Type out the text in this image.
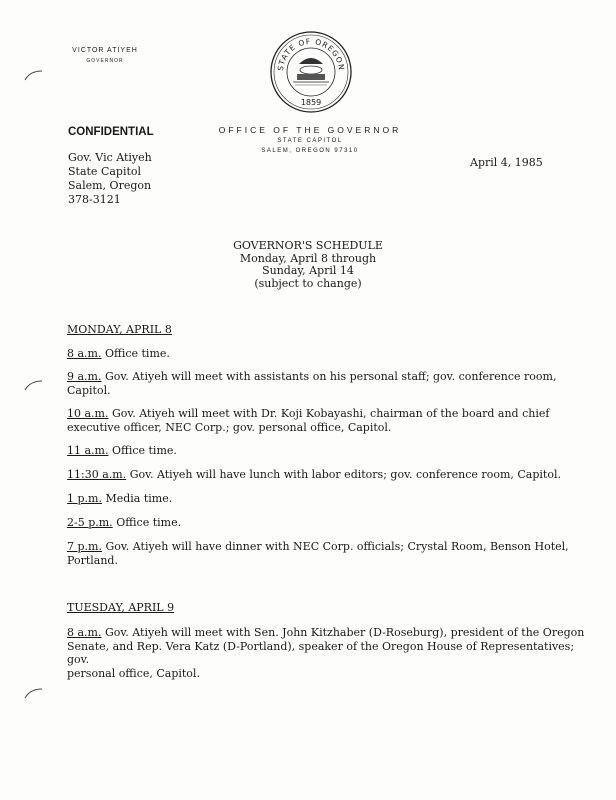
VICTOR ATIYEH
GOVERNOR
STATE OF OREGON
1859
CONFIDENTIAL	OFFICE OF THE GOVERNOR
STATE CAPITOL
SALEM, OREGON 97310
Gov. Vic Atiyeh
State Capitol
Salem, Oregon
378-3121
April 4, 1985
GOVERNOR'S SCHEDULE
Monday, April 8 through
Sunday, April 14
(subject to change)
MONDAY, APRIL 8
8 a.m. Office time.
9 a.m. Gov. Atiyeh will meet with assistants on his personal staff; gov. conference room,
Capitol.
10 a.m. Gov. Atiyeh will meet with Dr. Koji Kobayashi, chairman of the board and chief
executive officer, NEC Corp.; gov. personal office, Capitol.
11 a.m. Office time.
11:30 a.m. Gov. Atiyeh will have lunch with labor editors; gov. conference room, Capitol.
1 p.m. Media time.
2-5 p.m. Office time.
7 p.m. Gov. Atiyeh will have dinner with NEC Corp. officials; Crystal Room, Benson Hotel,
Portland.
TUESDAY, APRIL 9
8 a.m. Gov. Atiyeh will meet with Sen. John Kitzhaber (D-Roseburg), president of the Oregon
Senate, and Rep. Vera Katz (D-Portland), speaker of the Oregon House of Representatives; gov.
personal office, Capitol.
